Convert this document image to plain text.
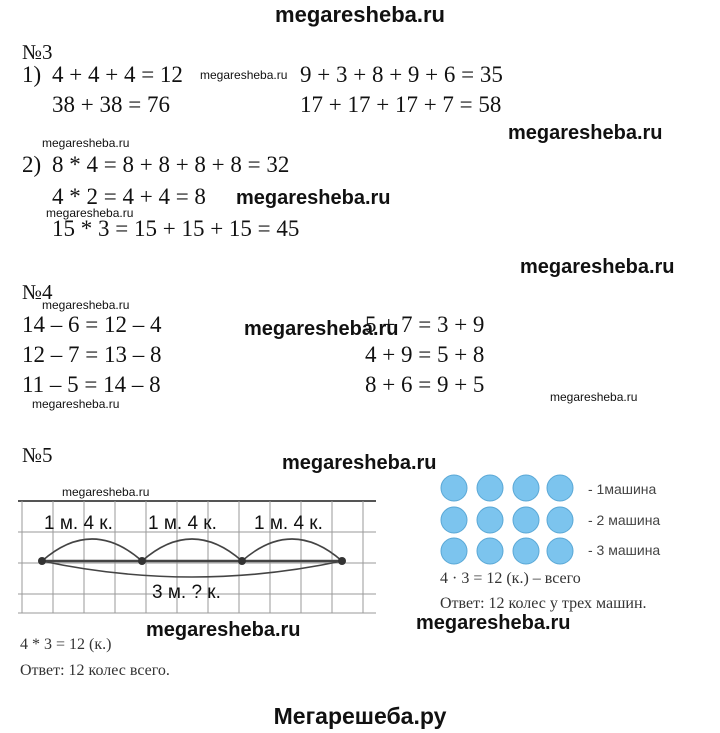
megaresheba.ru
№3
1) 4 + 4 + 4 = 12 megaresheba.ru
38 + 38 = 76
9 + 3 + 8 + 9 + 6 = 35
17 + 17 + 17 + 7 = 58
megaresheba.ru
megaresheba.ru
2) 8 * 4 = 8 + 8 + 8 + 8 = 32
4 * 2 = 4 + 4 = 8 megaresheba.ru
megaresheba.ru
15 * 3 = 15 + 15 + 15 = 45
megaresheba.ru
№4
megaresheba.ru
14 – 6 = 12 – 4
12 – 7 = 13 – 8
11 – 5 = 14 – 8
5 + 7 = 3 + 9
4 + 9 = 5 + 8
8 + 6 = 9 + 5
megaresheba.ru
megaresheba.ru	megaresheba.ru
№5	megaresheba.ru
megaresheba.ru
1 м. 4 к. 1 м. 4 к. 1 м. 4 к.
3 м. ? к.
- 1машина
- 2 машина
- 3 машина
4 · 3 = 12 (к.) – всего
Ответ: 12 колес у трех машин.
megaresheba.ru	megaresheba.ru
4 * 3 = 12 (к.)
Ответ: 12 колес всего.
Мегарешеба.ру
